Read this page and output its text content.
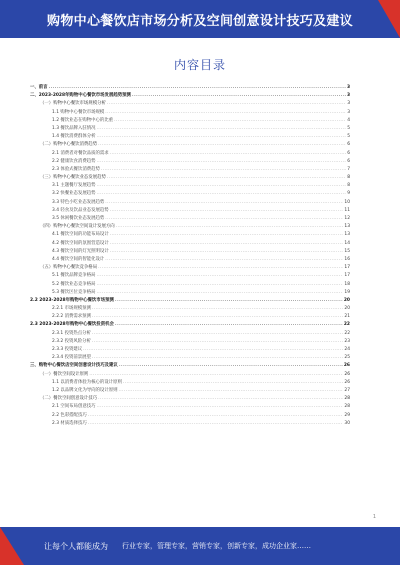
购物中心餐饮店市场分析及空间创意设计技巧及建议
内容目录
一、前言 .....	3
二、2023-2028年购物中心餐饮市场发展趋势预测 .....	3
（一）购物中心餐饮市场规模分析 .....	3
1.1 购物中心餐饮市场规模 .....	3
1.2 餐饮业态在购物中心的比重 .....	4
1.3 餐饮品牌入驻情况 .....	5
1.4 餐饮消费群体分析 .....	5
（二）购物中心餐饮消费趋势 .....	6
2.1 消费者对餐饮品质的需求 .....	6
2.2 健康饮食消费趋势 .....	6
2.3 体验式餐饮消费趋势 .....	7
（三）购物中心餐饮业态发展趋势 .....	8
3.1 主题餐厅发展趋势 .....	8
3.2 快餐业态发展趋势 .....	9
3.3 特色小吃业态发展趋势 .....	10
3.4 轻食及饮品业态发展趋势 .....	11
3.5 休闲餐饮业态发展趋势 .....	12
（四）购物中心餐饮空间设计发展方向 .....	13
4.1 餐饮空间的功能布局设计 .....	13
4.2 餐饮空间的氛围营造设计 .....	14
4.3 餐饮空间的灯光照明设计 .....	15
4.4 餐饮空间的智能化设计 .....	16
（五）购物中心餐饮竞争格局 .....	17
5.1 餐饮品牌竞争格局 .....	17
5.2 餐饮业态竞争格局 .....	18
5.3 餐饮区位竞争格局 .....	19
2.2 2023-2028年购物中心餐饮市场预测 .....	20
2.2.1 市场规模预测 .....	20
2.2.2 消费需求预测 .....	21
2.3 2023-2028年购物中心餐饮投资机会 .....	22
2.3.1 投资热点分析 .....	22
2.3.2 投资风险分析 .....	23
2.3.3 投资建议 .....	24
2.3.4 投资前景展望 .....	25
三、购物中心餐饮店空间创意设计技巧及建议 .....	26
（一）餐饮空间设计原则 .....	26
1.1 以消费者体验为核心的设计原则 .....	26
1.2 以品牌文化为导向的设计原则 .....	27
（二）餐饮空间创意设计技巧 .....	28
2.1 空间布局创意技巧 .....	28
2.2 色彩搭配技巧 .....	29
2.3 材质选择技巧 .....	30
1
让每个人都能成为 行业专家，管理专家，营销专家，创新专家，成功企业家……
